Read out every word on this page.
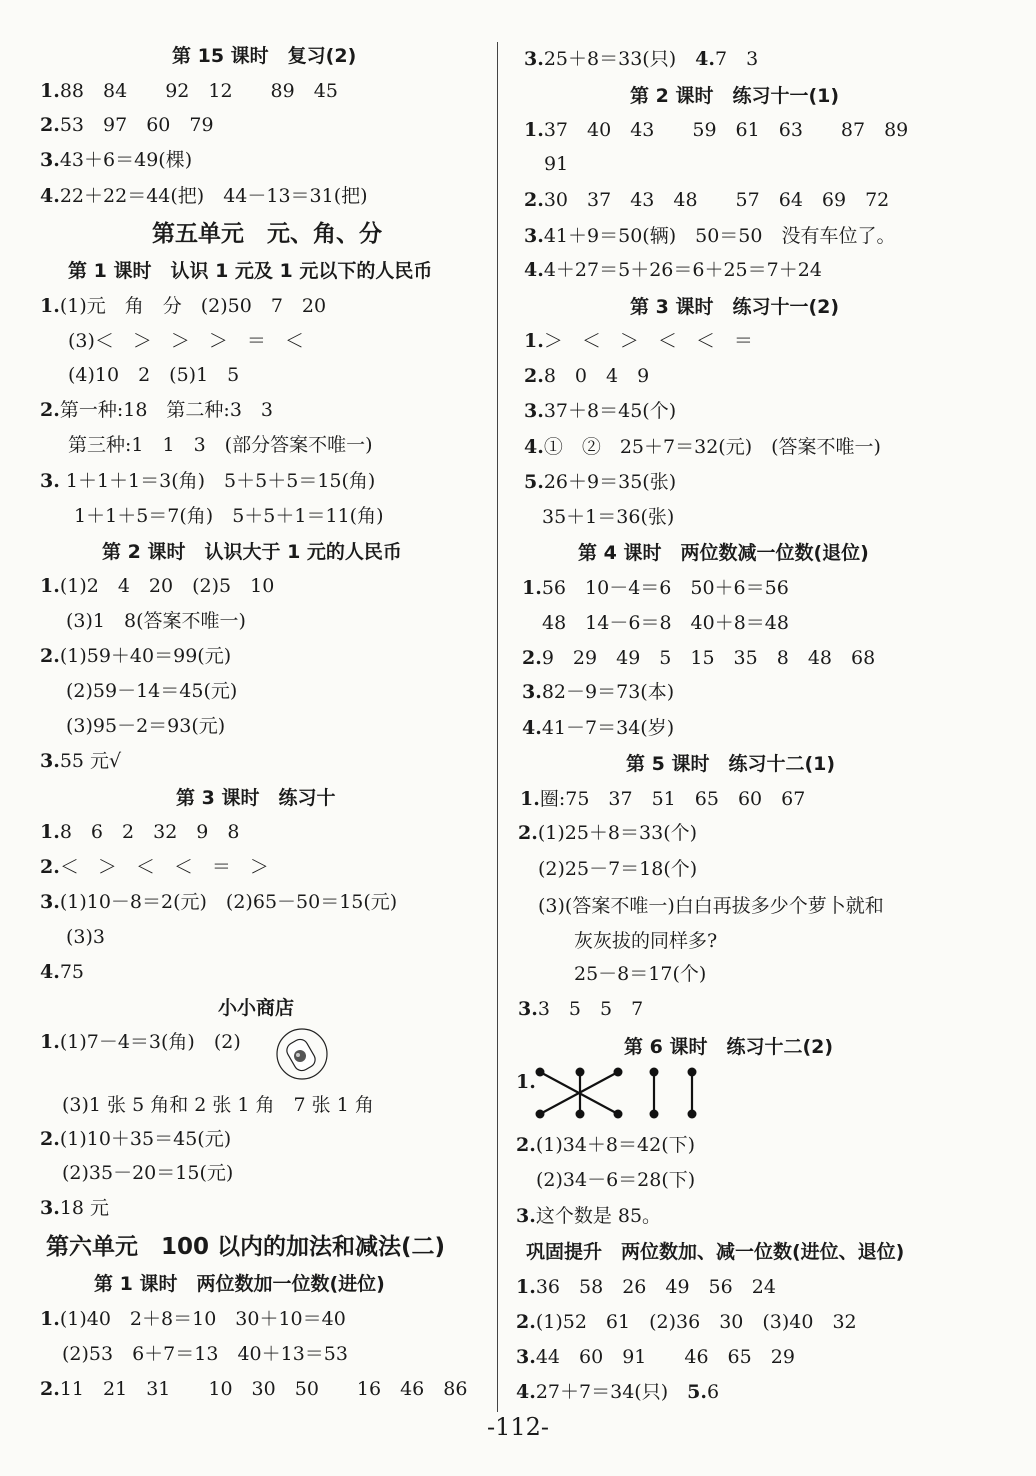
第 15 课时　复习(2)
1.88　84　　92　12　　89　45
2.53　97　60　79
3.43＋6＝49(棵)
4.22＋22＝44(把)　44－13＝31(把)
第五单元　元、角、分
第 1 课时　认识 1 元及 1 元以下的人民币
1.(1)元　角　分　(2)50　7　20
(3)＜　＞　＞　＞　＝　＜
(4)10　2　(5)1　5
2.第一种:18　第二种:3　3
第三种:1　1　3　(部分答案不唯一)
3. 1＋1＋1＝3(角)　5＋5＋5＝15(角)
1＋1＋5＝7(角)　5＋5＋1＝11(角)
第 2 课时　认识大于 1 元的人民币
1.(1)2　4　20　(2)5　10
(3)1　8(答案不唯一)
2.(1)59＋40＝99(元)
(2)59－14＝45(元)
(3)95－2＝93(元)
3.55 元√
第 3 课时　练习十
1.8　6　2　32　9　8
2.＜　＞　＜　＜　＝　＞
3.(1)10－8＝2(元)　(2)65－50＝15(元)
(3)3
4.75
小小商店
1.(1)7－4＝3(角)　(2)
(3)1 张 5 角和 2 张 1 角　7 张 1 角
2.(1)10＋35＝45(元)
(2)35－20＝15(元)
3.18 元
第六单元　100 以内的加法和减法(二)
第 1 课时　两位数加一位数(进位)
1.(1)40　2＋8＝10　30＋10＝40
(2)53　6＋7＝13　40＋13＝53
2.11　21　31　　10　30　50　　16　46　86
3.25＋8＝33(只)　 4.7　3
第 2 课时　练习十一(1)
1.37　40　43　　59　61　63　　87　89
91
2.30　37　43　48　　57　64　69　72
3.41＋9＝50(辆)　50＝50　没有车位了。
4.4＋27＝5＋26＝6＋25＝7＋24
第 3 课时　练习十一(2)
1.＞　＜　＞　＜　＜　＝
2.8　0　4　9
3.37＋8＝45(个)
4.①　②　25＋7＝32(元)　(答案不唯一)
5.26＋9＝35(张)
35＋1＝36(张)
第 4 课时　两位数减一位数(退位)
1.56　10－4＝6　50＋6＝56
48　14－6＝8　40＋8＝48
2.9　29　49　5　15　35　8　48　68
3.82－9＝73(本)
4.41－7＝34(岁)
第 5 课时　练习十二(1)
1.圈:75　37　51　65　60　67
2.(1)25＋8＝33(个)
(2)25－7＝18(个)
(3)(答案不唯一)白白再拔多少个萝卜就和
灰灰拔的同样多?
25－8＝17(个)
3.3　5　5　7
第 6 课时　练习十二(2)
1.
2.(1)34＋8＝42(下)
(2)34－6＝28(下)
3.这个数是 85。
巩固提升　两位数加、减一位数(进位、退位)
1.36　58　26　49　56　24
2.(1)52　61　(2)36　30　(3)40　32
3.44　60　91　　46　65　29
4.27＋7＝34(只)　 5.6
-112-
